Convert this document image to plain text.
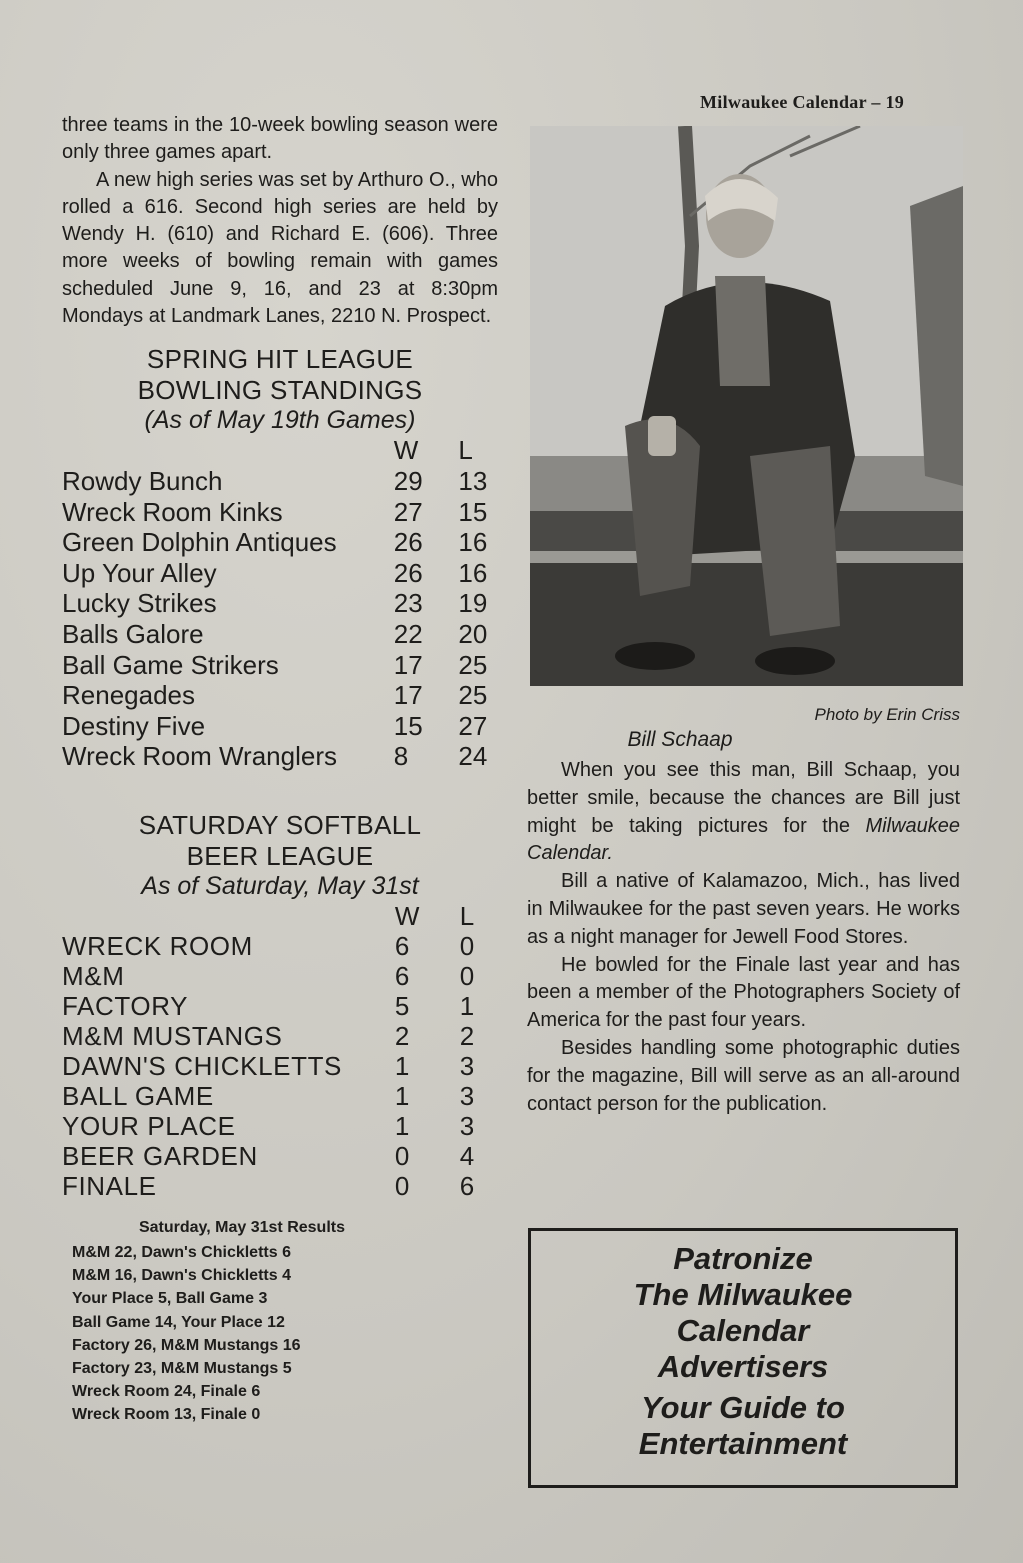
Milwaukee Calendar – 19

three teams in the 10-week bowling season were only three games apart.

A new high series was set by Arthuro O., who rolled a 616. Second high series are held by Wendy H. (610) and Richard E. (606). Three more weeks of bowling remain with games scheduled June 9, 16, and 23 at 8:30pm Mondays at Landmark Lanes, 2210 N. Prospect.

SPRING HIT LEAGUE

BOWLING STANDINGS

(As of May 19th Games)

	W	L
Rowdy Bunch	29	13
Wreck Room Kinks	27	15
Green Dolphin Antiques	26	16
Up Your Alley	26	16
Lucky Strikes	23	19
Balls Galore	22	20
Ball Game Strikers	17	25
Renegades	17	25
Destiny Five	15	27
Wreck Room Wranglers	8	24

SATURDAY SOFTBALL

BEER LEAGUE

As of Saturday, May 31st

	W	L
WRECK ROOM	6	0
M&M	6	0
FACTORY	5	1
M&M MUSTANGS	2	2
DAWN'S CHICKLETTS	1	3
BALL GAME	1	3
YOUR PLACE	1	3
BEER GARDEN	0	4
FINALE	0	6

Saturday, May 31st Results

M&M 22, Dawn's Chickletts 6
M&M 16, Dawn's Chickletts 4
Your Place 5, Ball Game 3
Ball Game 14, Your Place 12
Factory 26, M&M Mustangs 16
Factory 23, M&M Mustangs 5
Wreck Room 24, Finale 6
Wreck Room 13, Finale 0
Photo by Erin Criss
Bill Schaap

When you see this man, Bill Schaap, you better smile, because the chances are Bill just might be taking pictures for the Milwaukee Calendar.

Bill a native of Kalamazoo, Mich., has lived in Milwaukee for the past seven years. He works as a night manager for Jewell Food Stores.

He bowled for the Finale last year and has been a member of the Photographers Society of America for the past four years.

Besides handling some photographic duties for the magazine, Bill will serve as an all-around contact person for the publication.

Patronize

The Milwaukee

Calendar

Advertisers

Your Guide to

Entertainment
